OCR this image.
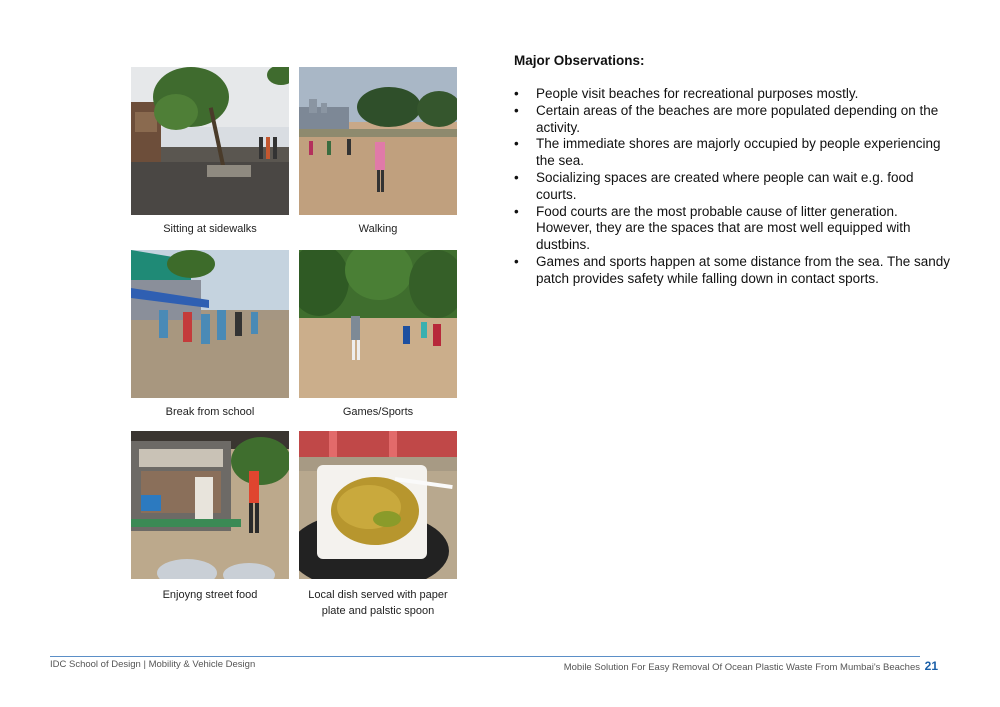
Sitting at sidewalks	Walking
Break from school	Games/Sports
Enjoyng street food	Local dish served with paper plate and palstic spoon
Major Observations:
• People visit beaches for recreational purposes mostly.
• Certain areas of the beaches are more populated depending on the activity.
• The immediate shores are majorly occupied by people experiencing the sea.
• Socializing spaces are created where people can wait e.g. food courts.
• Food courts are the most probable cause of litter generation. However, they are the spaces that are most well equipped with dustbins.
• Games and sports happen at some distance from the sea. The sandy patch provides safety while falling down in contact sports.
IDC School of Design | Mobility & Vehicle Design	Mobile Solution For Easy Removal Of Ocean Plastic Waste From Mumbai's Beaches 21
